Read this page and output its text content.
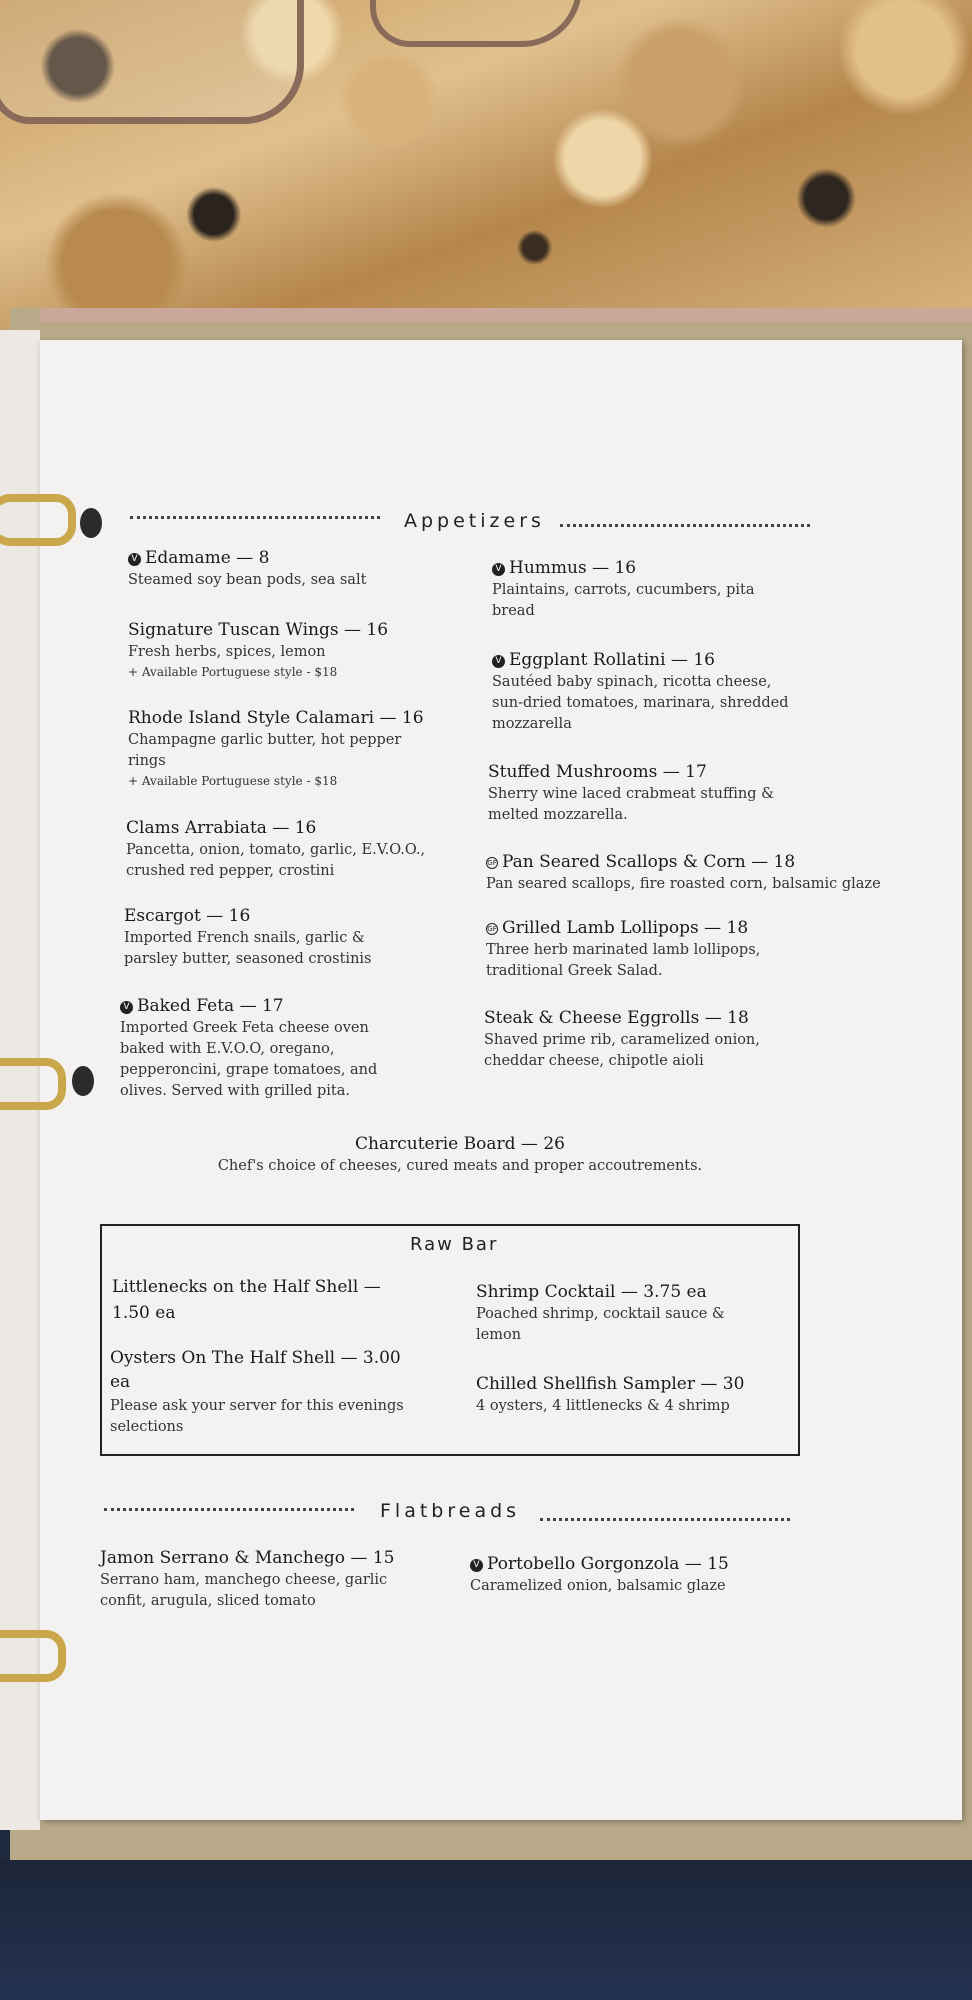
Appetizers
V Edamame — 8
Steamed soy bean pods, sea salt
Signature Tuscan Wings — 16
Fresh herbs, spices, lemon
+ Available Portuguese style - $18
Rhode Island Style Calamari — 16
Champagne garlic butter, hot pepper rings
+ Available Portuguese style - $18
Clams Arrabiata — 16
Pancetta, onion, tomato, garlic, E.V.O.O., crushed red pepper, crostini
Escargot — 16
Imported French snails, garlic & parsley butter, seasoned crostinis
V Baked Feta — 17
Imported Greek Feta cheese oven baked with E.V.O.O, oregano, pepperoncini, grape tomatoes, and olives. Served with grilled pita.
V Hummus — 16
Plaintains, carrots, cucumbers, pita bread
V Eggplant Rollatini — 16
Sautéed baby spinach, ricotta cheese, sun-dried tomatoes, marinara, shredded mozzarella
Stuffed Mushrooms — 17
Sherry wine laced crabmeat stuffing & melted mozzarella.
GF Pan Seared Scallops & Corn — 18
Pan seared scallops, fire roasted corn, balsamic glaze
GF Grilled Lamb Lollipops — 18
Three herb marinated lamb lollipops, traditional Greek Salad.
Steak & Cheese Eggrolls — 18
Shaved prime rib, caramelized onion, cheddar cheese, chipotle aioli
Charcuterie Board — 26
Chef's choice of cheeses, cured meats and proper accoutrements.
Raw Bar
Littlenecks on the Half Shell — 1.50 ea
Oysters On The Half Shell — 3.00 ea
Please ask your server for this evenings selections
Shrimp Cocktail — 3.75 ea
Poached shrimp, cocktail sauce & lemon
Chilled Shellfish Sampler — 30
4 oysters, 4 littlenecks & 4 shrimp
Flatbreads
Jamon Serrano & Manchego — 15
Serrano ham, manchego cheese, garlic confit, arugula, sliced tomato
V Portobello Gorgonzola — 15
Caramelized onion, balsamic glaze
